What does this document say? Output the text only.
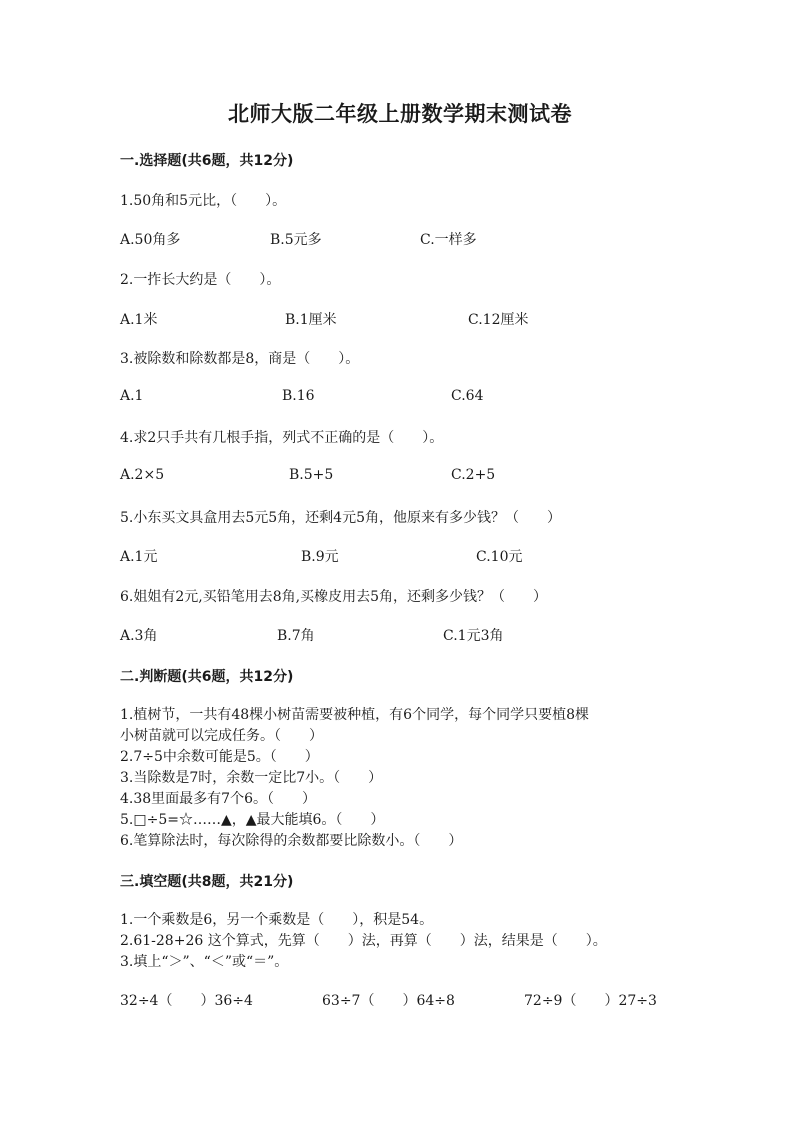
北师大版二年级上册数学期末测试卷
一.选择题(共6题，共12分)
1.50角和5元比，（　　）。
A.50角多	B.5元多	C.一样多
2.一拃长大约是（　　）。
A.1米	B.1厘米	C.12厘米
3.被除数和除数都是8，商是（　　）。
A.1	B.16	C.64
4.求2只手共有几根手指，列式不正确的是（　　）。
A.2×5	B.5+5	C.2+5
5.小东买文具盒用去5元5角，还剩4元5角，他原来有多少钱？（　　）
A.1元	B.9元	C.10元
6.姐姐有2元,买铅笔用去8角,买橡皮用去5角，还剩多少钱？（　　）
A.3角	B.7角	C.1元3角
二.判断题(共6题，共12分)
1.植树节，一共有48棵小树苗需要被种植，有6个同学，每个同学只要植8棵
小树苗就可以完成任务。（　　）
2.7÷5中余数可能是5。（　　）
3.当除数是7时，余数一定比7小。（　　）
4.38里面最多有7个6。（　　）
5.□÷5=☆……▲，▲最大能填6。（　　）
6.笔算除法时，每次除得的余数都要比除数小。（　　）
三.填空题(共8题，共21分)
1.一个乘数是6，另一个乘数是（　　），积是54。
2.61-28+26 这个算式，先算（　　）法，再算（　　）法，结果是（　　）。
3.填上“＞”、“＜”或“＝”。
32÷4（　　）36÷4	63÷7（　　）64÷8	72÷9（　　）27÷3
